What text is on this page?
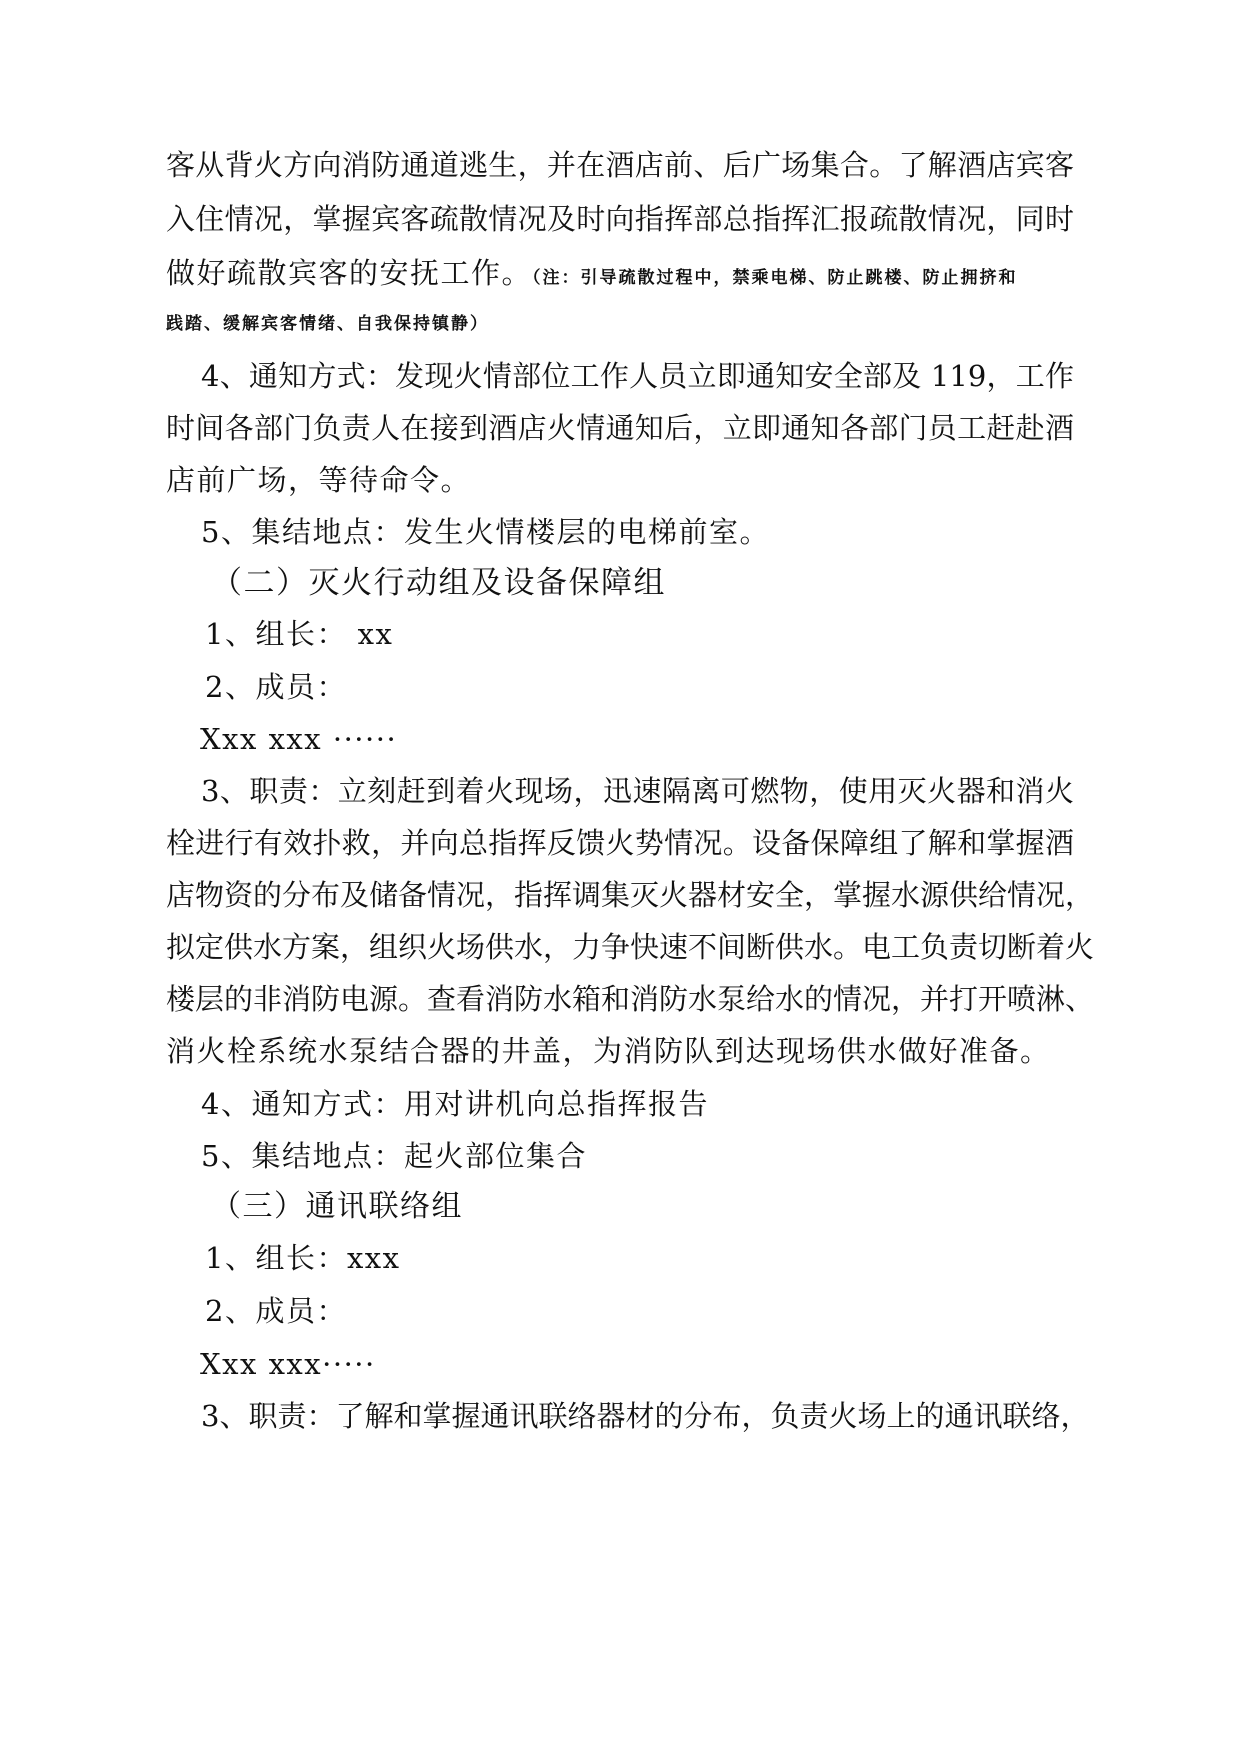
客从背火方向消防通道逃生，并在酒店前、后广场集合。了解酒店宾客
入住情况，掌握宾客疏散情况及时向指挥部总指挥汇报疏散情况，同时
做好疏散宾客的安抚工作。（注：引导疏散过程中，禁乘电梯、防止跳楼、防止拥挤和
践踏、缓解宾客情绪、自我保持镇静）
4、通知方式：发现火情部位工作人员立即通知安全部及 119，工作
时间各部门负责人在接到酒店火情通知后，立即通知各部门员工赶赴酒
店前广场，等待命令。
5、集结地点：发生火情楼层的电梯前室。
（二）灭火行动组及设备保障组
1、组长： xx
2、成员：
Xxx xxx ······
3、职责：立刻赶到着火现场，迅速隔离可燃物，使用灭火器和消火
栓进行有效扑救，并向总指挥反馈火势情况。设备保障组了解和掌握酒
店物资的分布及储备情况，指挥调集灭火器材安全，掌握水源供给情况，
拟定供水方案，组织火场供水，力争快速不间断供水。电工负责切断着火
楼层的非消防电源。查看消防水箱和消防水泵给水的情况，并打开喷淋、
消火栓系统水泵结合器的井盖，为消防队到达现场供水做好准备。
4、通知方式：用对讲机向总指挥报告
5、集结地点：起火部位集合
（三）通讯联络组
1、组长：xxx
2、成员：
Xxx xxx·····
3、职责：了解和掌握通讯联络器材的分布，负责火场上的通讯联络，
